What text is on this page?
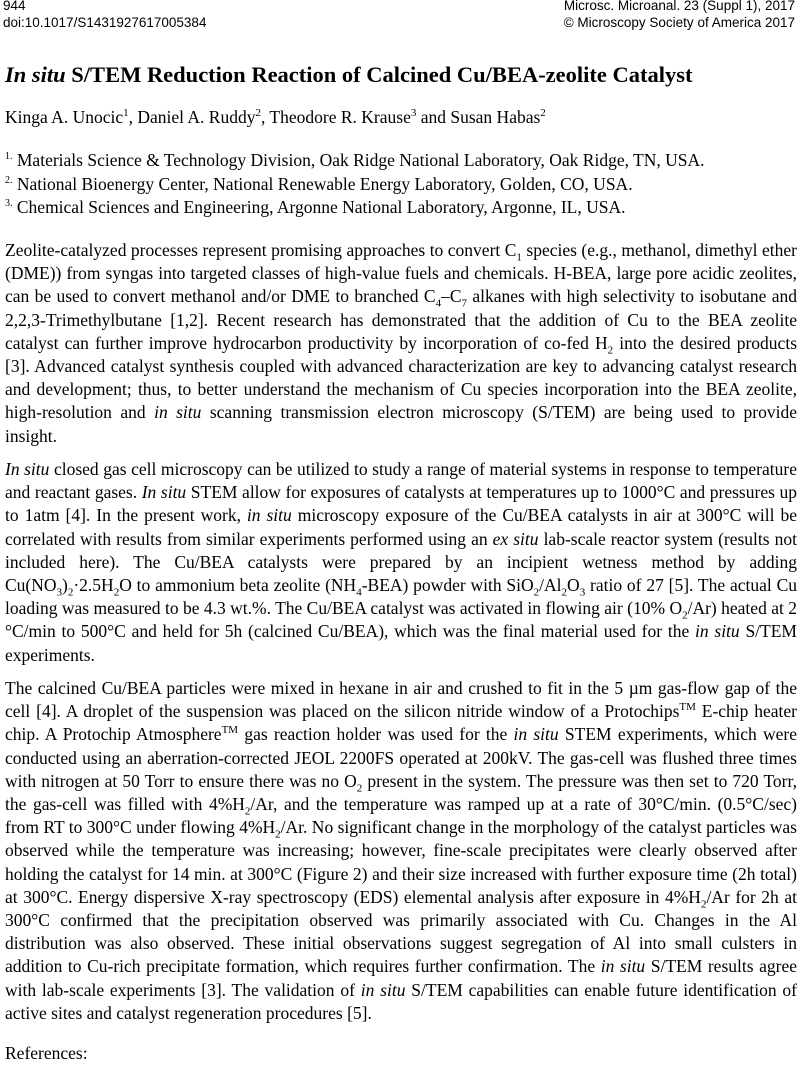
944
doi:10.1017/S1431927617005384
Microsc. Microanal. 23 (Suppl 1), 2017
© Microscopy Society of America 2017
In situ S/TEM Reduction Reaction of Calcined Cu/BEA-zeolite Catalyst
Kinga A. Unocic$^1$, Daniel A. Ruddy$^2$, Theodore R. Krause$^3$ and Susan Habas$^2$
$^{1.}$ Materials Science & Technology Division, Oak Ridge National Laboratory, Oak Ridge, TN, USA.
$^{2.}$ National Bioenergy Center, National Renewable Energy Laboratory, Golden, CO, USA.
$^{3.}$ Chemical Sciences and Engineering, Argonne National Laboratory, Argonne, IL, USA.
Zeolite-catalyzed processes represent promising approaches to convert $C_1$ species (e.g., methanol, dimethyl ether (DME)) from syngas into targeted classes of high-value fuels and chemicals. H-BEA, large pore acidic zeolites, can be used to convert methanol and/or DME to branched $C_4-C_7$ alkanes with high selectivity to isobutane and 2,2,3-Trimethylbutane [1,2]. Recent research has demonstrated that the addition of Cu to the BEA zeolite catalyst can further improve hydrocarbon productivity by incorporation of co-fed $H_2$ into the desired products [3]. Advanced catalyst synthesis coupled with advanced characterization are key to advancing catalyst research and development; thus, to better understand the mechanism of Cu species incorporation into the BEA zeolite, high-resolution and in situ scanning transmission electron microscopy (S/TEM) are being used to provide insight.
In situ closed gas cell microscopy can be utilized to study a range of material systems in response to temperature and reactant gases. In situ STEM allow for exposures of catalysts at temperatures up to 1000°C and pressures up to 1atm [4]. In the present work, in situ microscopy exposure of the Cu/BEA catalysts in air at 300°C will be correlated with results from similar experiments performed using an ex situ lab-scale reactor system (results not included here). The Cu/BEA catalysts were prepared by an incipient wetness method by adding $Cu(NO_3)_2\cdot 2.5H_2O$ to ammonium beta zeolite $(NH_4-BEA)$ powder with $SiO_2/Al_2O_3$ ratio of 27 [5]. The actual Cu loading was measured to be 4.3 wt.%. The Cu/BEA catalyst was activated in flowing air (10% $O_2/Ar$) heated at 2 °C/min to 500°C and held for 5h (calcined Cu/BEA), which was the final material used for the in situ S/TEM experiments.
The calcined Cu/BEA particles were mixed in hexane in air and crushed to fit in the 5 µm gas-flow gap of the cell [4]. A droplet of the suspension was placed on the silicon nitride window of a Protochips™ E-chip heater chip. A Protochip Atmosphere™ gas reaction holder was used for the in situ STEM experiments, which were conducted using an aberration-corrected JEOL 2200FS operated at 200kV. The gas-cell was flushed three times with nitrogen at 50 Torr to ensure there was no $O_2$ present in the system. The pressure was then set to 720 Torr, the gas-cell was filled with $4\%H_2/Ar$, and the temperature was ramped up at a rate of 30°C/min. (0.5°C/sec) from RT to 300°C under flowing $4\%H_2/Ar$. No significant change in the morphology of the catalyst particles was observed while the temperature was increasing; however, fine-scale precipitates were clearly observed after holding the catalyst for 14 min. at 300°C (Figure 2) and their size increased with further exposure time (2h total) at 300°C. Energy dispersive X-ray spectroscopy (EDS) elemental analysis after exposure in $4\%H_2/Ar$ for 2h at 300°C confirmed that the precipitation observed was primarily associated with Cu. Changes in the Al distribution was also observed. These initial observations suggest segregation of Al into small culsters in addition to Cu-rich precipitate formation, which requires further confirmation. The in situ S/TEM results agree with lab-scale experiments [3]. The validation of in situ S/TEM capabilities can enable future identification of active sites and catalyst regeneration procedures [5].
References:
